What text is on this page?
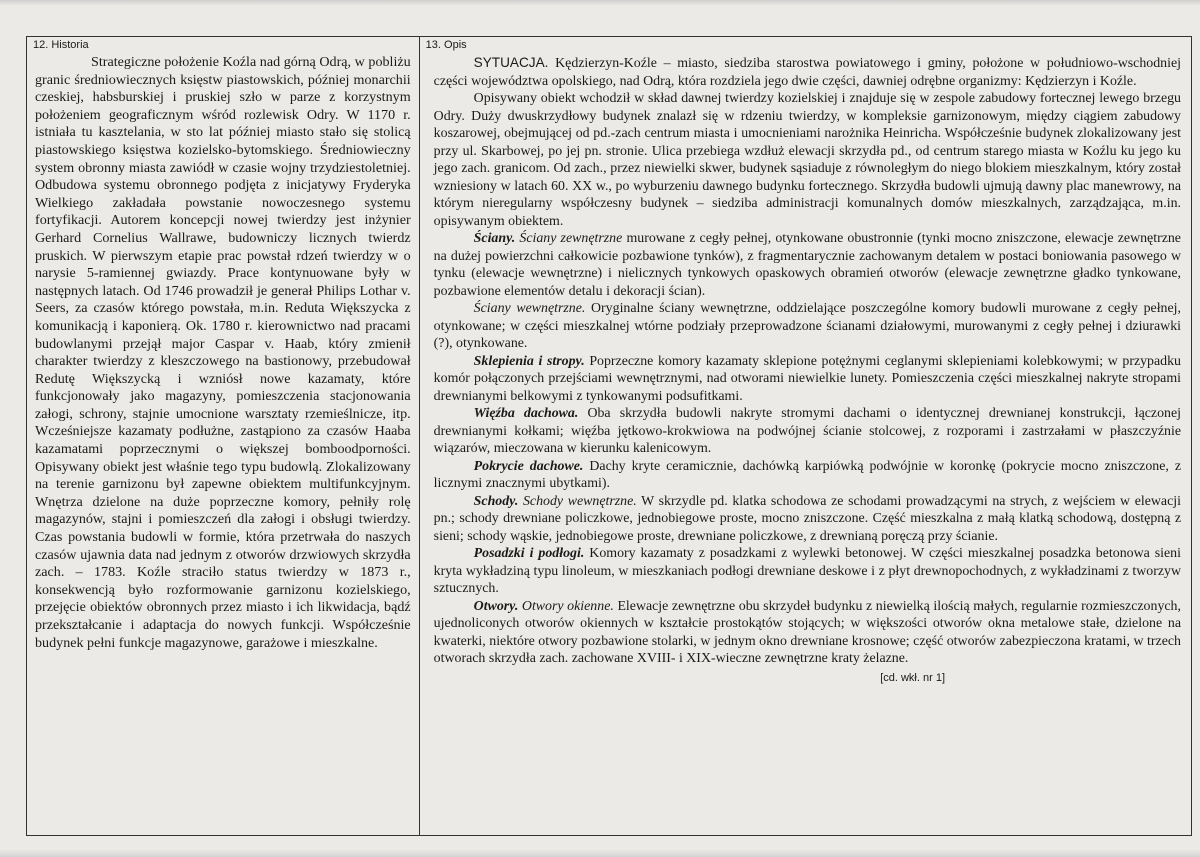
12. Historia
Strategiczne położenie Koźla nad górną Odrą, w pobliżu granic średniowiecznych księstw piastowskich, później monarchii czeskiej, habsburskiej i pruskiej szło w parze z korzystnym położeniem geograficznym wśród rozlewisk Odry. W 1170 r. istniała tu kasztelania, w sto lat później miasto stało się stolicą piastowskiego księstwa kozielsko-bytomskiego. Średniowieczny system obronny miasta zawiódł w czasie wojny trzydziestoletniej. Odbudowa systemu obronnego podjęta z inicjatywy Fryderyka Wielkiego zakładała powstanie nowoczesnego systemu fortyfikacji. Autorem koncepcji nowej twierdzy jest inżynier Gerhard Cornelius Wallrawe, budowniczy licznych twierdz pruskich. W pierwszym etapie prac powstał rdzeń twierdzy w o narysie 5-ramiennej gwiazdy. Prace kontynuowane były w następnych latach. Od 1746 prowadził je generał Philips Lothar v. Seers, za czasów którego powstała, m.in. Reduta Większycka z komunikacją i kaponierą. Ok. 1780 r. kierownictwo nad pracami budowlanymi przejął major Caspar v. Haab, który zmienił charakter twierdzy z kleszczowego na bastionowy, przebudował Redutę Większycką i wzniósł nowe kazamaty, które funkcjonowały jako magazyny, pomieszczenia stacjonowania załogi, schrony, stajnie umocnione warsztaty rzemieślnicze, itp. Wcześniejsze kazamaty podłużne, zastąpiono za czasów Haaba kazamatami poprzecznymi o większej bomboodporności. Opisywany obiekt jest właśnie tego typu budowlą. Zlokalizowany na terenie garnizonu był zapewne obiektem multifunkcyjnym. Wnętrza dzielone na duże poprzeczne komory, pełniły rolę magazynów, stajni i pomieszczeń dla załogi i obsługi twierdzy. Czas powstania budowli w formie, która przetrwała do naszych czasów ujawnia data nad jednym z otworów drzwiowych skrzydła zach. – 1783. Koźle straciło status twierdzy w 1873 r., konsekwencją było rozformowanie garnizonu kozielskiego, przejęcie obiektów obronnych przez miasto i ich likwidacja, bądź przekształcanie i adaptacja do nowych funkcji. Współcześnie budynek pełni funkcje magazynowe, garażowe i mieszkalne.
13. Opis

SYTUACJA. Kędzierzyn-Koźle – miasto, siedziba starostwa powiatowego i gminy, położone w południowo-wschodniej części województwa opolskiego, nad Odrą, która rozdziela jego dwie części, dawniej odrębne organizmy: Kędzierzyn i Koźle.

Opisywany obiekt wchodził w skład dawnej twierdzy kozielskiej i znajduje się w zespole zabudowy fortecznej lewego brzegu Odry. Duży dwuskrzydłowy budynek znalazł się w rdzeniu twierdzy, w kompleksie garnizonowym, między ciągiem zabudowy koszarowej, obejmującej od pd.-zach centrum miasta i umocnieniami narożnika Heinricha. Współcześnie budynek zlokalizowany jest przy ul. Skarbowej, po jej pn. stronie. Ulica przebiega wzdłuż elewacji skrzydła pd., od centrum starego miasta w Koźlu ku jego ku jego zach. granicom. Od zach., przez niewielki skwer, budynek sąsiaduje z równoległym do niego blokiem mieszkalnym, który został wzniesiony w latach 60. XX w., po wyburzeniu dawnego budynku fortecznego. Skrzydła budowli ujmują dawny plac manewrowy, na którym nieregularny współczesny budynek – siedziba administracji komunalnych domów mieszkalnych, zarządzająca, m.in. opisywanym obiektem.

Ściany. Ściany zewnętrzne murowane z cegły pełnej, otynkowane obustronnie (tynki mocno zniszczone, elewacje zewnętrzne na dużej powierzchni całkowicie pozbawione tynków), z fragmentarycznie zachowanym detalem w postaci boniowania pasowego w tynku (elewacje wewnętrzne) i nielicznych tynkowych opaskowych obramień otworów (elewacje zewnętrzne gładko tynkowane, pozbawione elementów detalu i dekoracji ścian).

Ściany wewnętrzne. Oryginalne ściany wewnętrzne, oddzielające poszczególne komory budowli murowane z cegły pełnej, otynkowane; w części mieszkalnej wtórne podziały przeprowadzone ścianami działowymi, murowanymi z cegły pełnej i dziurawki (?), otynkowane.

Sklepienia i stropy. Poprzeczne komory kazamaty sklepione potężnymi ceglanymi sklepieniami kolebkowymi; w przypadku komór połączonych przejściami wewnętrznymi, nad otworami niewielkie lunety. Pomieszczenia części mieszkalnej nakryte stropami drewnianymi belkowymi z tynkowanymi podsufitkami.

Więźba dachowa. Oba skrzydła budowli nakryte stromymi dachami o identycznej drewnianej konstrukcji, łączonej drewnianymi kołkami; więźba jętkowo-krokwiowa na podwójnej ścianie stolcowej, z rozporami i zastrzałami w płaszczyźnie wiązarów, mieczowana w kierunku kalenicowym.

Pokrycie dachowe. Dachy kryte ceramicznie, dachówką karpiówką podwójnie w koronkę (pokrycie mocno zniszczone, z licznymi znacznymi ubytkami).

Schody. Schody wewnętrzne. W skrzydle pd. klatka schodowa ze schodami prowadzącymi na strych, z wejściem w elewacji pn.; schody drewniane policzkowe, jednobiegowe proste, mocno zniszczone. Część mieszkalna z małą klatką schodową, dostępną z sieni; schody wąskie, jednobiegowe proste, drewniane policzkowe, z drewnianą poręczą przy ścianie.

Posadzki i podłogi. Komory kazamaty z posadzkami z wylewki betonowej. W części mieszkalnej posadzka betonowa sieni kryta wykładziną typu linoleum, w mieszkaniach podłogi drewniane deskowe i z płyt drewnopochodnych, z wykładzinami z tworzyw sztucznych.

Otwory. Otwory okienne. Elewacje zewnętrzne obu skrzydeł budynku z niewielką ilością małych, regularnie rozmieszczonych, ujednoliconych otworów okiennych w kształcie prostokątów stojących; w większości otworów okna metalowe stałe, dzielone na kwaterki, niektóre otwory pozbawione stolarki, w jednym okno drewniane krosnowe; część otworów zabezpieczona kratami, w trzech otworach skrzydła zach. zachowane XVIII- i XIX-wieczne zewnętrzne kraty żelazne.

[cd. wkł. nr 1]
